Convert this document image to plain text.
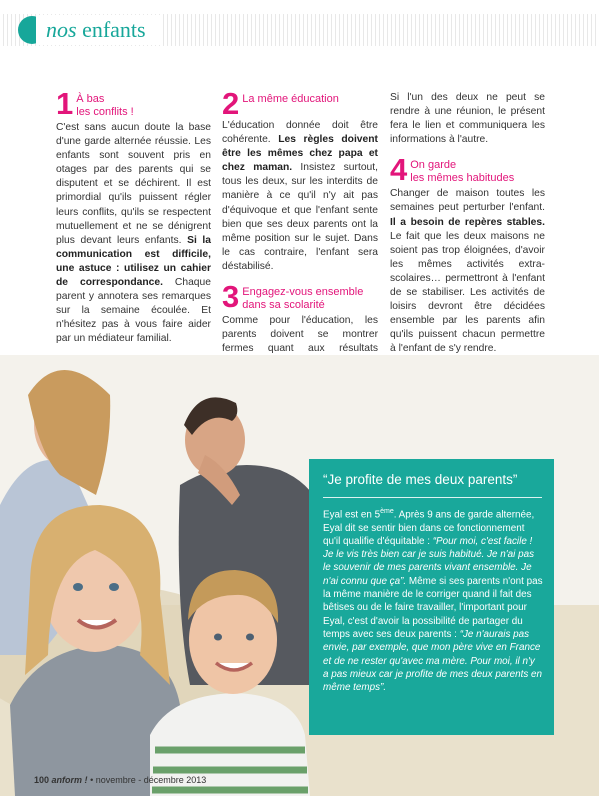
nos enfants
1 À bas
les conflits !

C'est sans aucun doute la base d'une garde alternée réussie. Les enfants sont souvent pris en otages par des parents qui se disputent et se déchirent. Il est primordial qu'ils puissent régler leurs conflits, qu'ils se respectent mutuellement et ne se dénigrent plus devant leurs enfants. Si la communication est difficile, une astuce : utilisez un cahier de correspondance. Chaque parent y annotera ses remarques sur la semaine écoulée. Et n'hésitez pas à vous faire aider par un médiateur familial.

2 La même éducation

L'éducation donnée doit être cohérente. Les règles doivent être les mêmes chez papa et chez maman. Insistez surtout, tous les deux, sur les interdits de manière à ce qu'il n'y ait pas d'équivoque et que l'enfant sente bien que ses deux parents ont la même position sur le sujet. Dans le cas contraire, l'enfant sera déstabilisé.

3 Engagez-vous ensemble
dans sa scolarité

Comme pour l'éducation, les parents doivent se montrer fermes quant aux résultats

Si l'un des deux ne peut se rendre à une réunion, le présent fera le lien et communiquera les informations à l'autre.

4 On garde
les mêmes habitudes

Changer de maison toutes les semaines peut perturber l'enfant. Il a besoin de repères stables. Le fait que les deux maisons ne soient pas trop éloignées, d'avoir les mêmes activités extra-scolaires… permettront à l'enfant de se stabiliser. Les activités de loisirs devront être décidées ensemble par les parents afin qu'ils puissent chacun permettre à l'enfant de s'y rendre.

“Je profite de mes deux parents”
Eyal est en 5ème. Après 9 ans de garde alternée, Eyal dit se sentir bien dans ce fonctionnement qu'il qualifie d'équitable : “Pour moi, c'est facile ! Je le vis très bien car je suis habitué. Je n'ai pas le souvenir de mes parents vivant ensemble. Je n'ai connu que ça”. Même si ses parents n'ont pas la même manière de le corriger quand il fait des bêtises ou de le faire travailler, l'important pour Eyal, c'est d'avoir la possibilité de partager du temps avec ses deux parents : “Je n'aurais pas envie, par exemple, que mon père vive en France et de ne rester qu'avec ma mère. Pour moi, il n'y a pas mieux car je profite de mes deux parents en même temps”.
100 anform ! • novembre - décembre 2013
